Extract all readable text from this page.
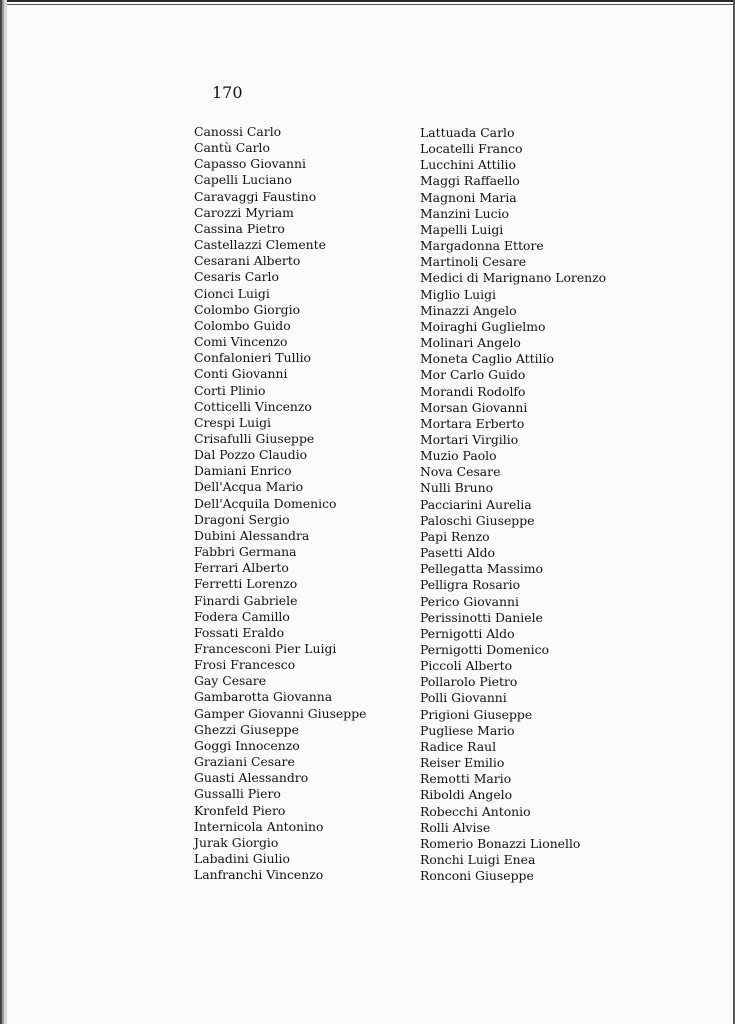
170
Canossi Carlo
Cantù Carlo
Capasso Giovanni
Capelli Luciano
Caravaggi Faustino
Carozzi Myriam
Cassina Pietro
Castellazzi Clemente
Cesarani Alberto
Cesaris Carlo
Cionci Luigi
Colombo Giorgio
Colombo Guido
Comi Vincenzo
Confalonieri Tullio
Conti Giovanni
Corti Plinio
Cotticelli Vincenzo
Crespi Luigi
Crisafulli Giuseppe
Dal Pozzo Claudio
Damiani Enrico
Dell'Acqua Mario
Dell'Acquila Domenico
Dragoni Sergio
Dubini Alessandra
Fabbri Germana
Ferrari Alberto
Ferretti Lorenzo
Finardi Gabriele
Fodera Camillo
Fossati Eraldo
Francesconi Pier Luigi
Frosi Francesco
Gay Cesare
Gambarotta Giovanna
Gamper Giovanni Giuseppe
Ghezzi Giuseppe
Goggi Innocenzo
Graziani Cesare
Guasti Alessandro
Gussalli Piero
Kronfeld Piero
Internicola Antonino
Jurak Giorgio
Labadini Giulio
Lanfranchi Vincenzo
Lattuada Carlo
Locatelli Franco
Lucchini Attilio
Maggi Raffaello
Magnoni Maria
Manzini Lucio
Mapelli Luigi
Margadonna Ettore
Martinoli Cesare
Medici di Marignano Lorenzo
Miglio Luigi
Minazzi Angelo
Moiraghi Guglielmo
Molinari Angelo
Moneta Caglio Attilio
Mor Carlo Guido
Morandi Rodolfo
Morsan Giovanni
Mortara Erberto
Mortari Virgilio
Muzio Paolo
Nova Cesare
Nulli Bruno
Pacciarini Aurelia
Paloschi Giuseppe
Papi Renzo
Pasetti Aldo
Pellegatta Massimo
Pelligra Rosario
Perico Giovanni
Perissinotti Daniele
Pernigotti Aldo
Pernigotti Domenico
Piccoli Alberto
Pollarolo Pietro
Polli Giovanni
Prigioni Giuseppe
Pugliese Mario
Radice Raul
Reiser Emilio
Remotti Mario
Riboldi Angelo
Robecchi Antonio
Rolli Alvise
Romerio Bonazzi Lionello
Ronchi Luigi Enea
Ronconi Giuseppe
